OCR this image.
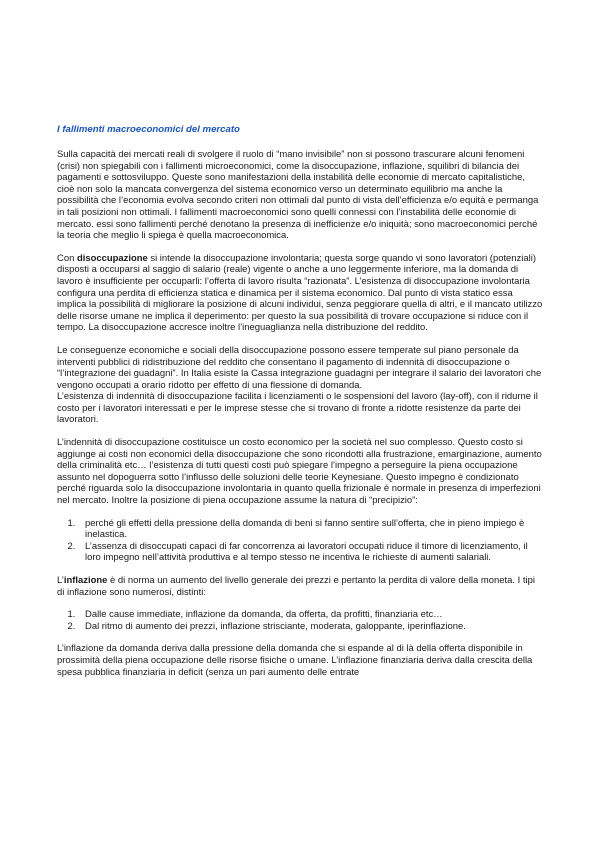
I fallimenti macroeconomici del mercato

Sulla capacità dei mercati reali di svolgere il ruolo di “mano invisibile” non si possono trascurare alcuni fenomeni (crisi) non spiegabili con i fallimenti microeconomici, come la disoccupazione, inflazione, squilibri di bilancia dei pagamenti e sottosviluppo. Queste sono manifestazioni della instabilità delle economie di mercato capitalistiche, cioè non solo la mancata convergenza del sistema economico verso un determinato equilibrio ma anche la possibilità che l’economia evolva secondo criteri non ottimali dal punto di vista dell’efficienza e/o equità e permanga in tali posizioni non ottimali. I fallimenti macroeconomici sono quelli connessi con l’instabilità delle economie di mercato. essi sono fallimenti perché denotano la presenza di inefficienze e/o iniquità; sono macroeconomici perché la teoria che meglio li spiega è quella macroeconomica.

Con disoccupazione si intende la disoccupazione involontaria; questa sorge quando vi sono lavoratori (potenziali) disposti a occuparsi al saggio di salario (reale) vigente o anche a uno leggermente inferiore, ma la domanda di lavoro è insufficiente per occuparli: l’offerta di lavoro risulta “razionata”. L’esistenza di disoccupazione involontaria configura una perdita di efficienza statica e dinamica per il sistema economico. Dal punto di vista statico essa implica la possibilità di migliorare la posizione di alcuni individui, senza peggiorare quella di altri, e il mancato utilizzo delle risorse umane ne implica il deperimento: per questo la sua possibilità di trovare occupazione si riduce con il tempo. La disoccupazione accresce inoltre l’ineguaglianza nella distribuzione del reddito.

Le conseguenze economiche e sociali della disoccupazione possono essere temperate sul piano personale da interventi pubblici di ridistribuzione del reddito che consentano il pagamento di indennità di disoccupazione o “l’integrazione dei guadagni”. In Italia esiste la Cassa integrazione guadagni per integrare il salario dei lavoratori che vengono occupati a orario ridotto per effetto di una flessione di domanda.

L’esistenza di indennità di disoccupazione facilita i licenziamenti o le sospensioni del lavoro (lay-off), con il ridurne il costo per i lavoratori interessati e per le imprese stesse che si trovano di fronte a ridotte resistenze da parte dei lavoratori.

L’indennità di disoccupazione costituisce un costo economico per la società nel suo complesso. Questo costo si aggiunge ai costi non economici della disoccupazione che sono ricondotti alla frustrazione, emarginazione, aumento della criminalità etc… l’esistenza di tutti questi costi può spiegare l’impegno a perseguire la piena occupazione assunto nel dopoguerra sotto l’influsso delle soluzioni delle teorie Keynesiane. Questo impegno è condizionato perché riguarda solo la disoccupazione involontaria in quanto quella frizionale è normale in presenza di imperfezioni nel mercato. Inoltre la posizione di piena occupazione assume la natura di “precipizio”:

1. perché gli effetti della pressione della domanda di beni si fanno sentire sull’offerta, che in pieno impiego è inelastica.
2. L’assenza di disoccupati capaci di far concorrenza ai lavoratori occupati riduce il timore di licenziamento, il loro impegno nell’attività produttiva e al tempo stesso ne incentiva le richieste di aumenti salariali.

L’inflazione è di norma un aumento del livello generale dei prezzi e pertanto la perdita di valore della moneta. I tipi di inflazione sono numerosi, distinti:

1. Dalle cause immediate, inflazione da domanda, da offerta, da profitti, finanziaria etc…
2. Dal ritmo di aumento dei prezzi, inflazione strisciante, moderata, galoppante, iperinflazione.

L’inflazione da domanda deriva dalla pressione della domanda che si espande al di là della offerta disponibile in prossimità della piena occupazione delle risorse fisiche o umane. L’inflazione finanziaria deriva dalla crescita della spesa pubblica finanziaria in deficit (senza un pari aumento delle entrate
